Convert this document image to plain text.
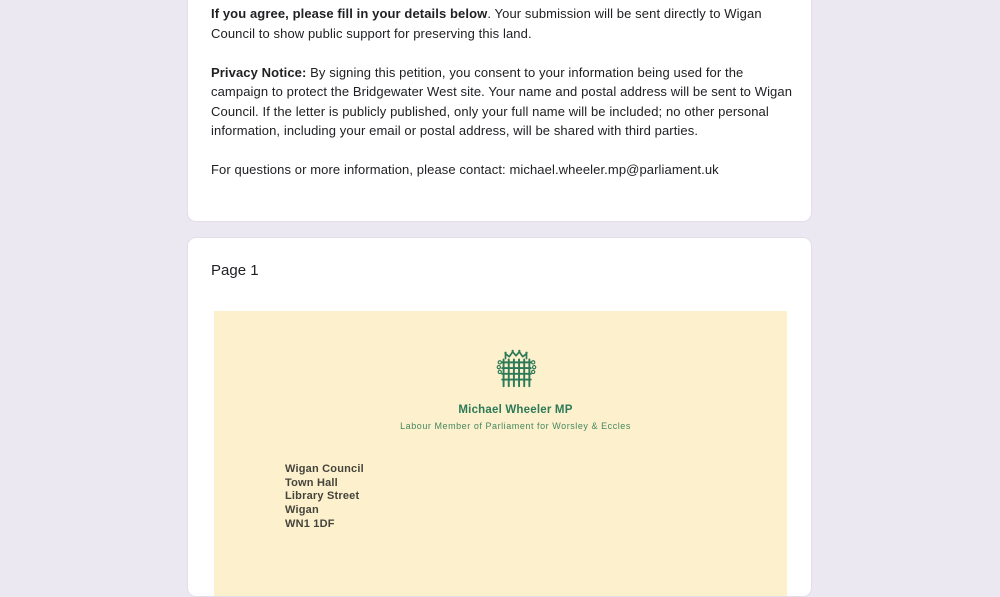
If you agree, please fill in your details below. Your submission will be sent directly to Wigan Council to show public support for preserving this land.

Privacy Notice: By signing this petition, you consent to your information being used for the campaign to protect the Bridgewater West site. Your name and postal address will be sent to Wigan Council. If the letter is publicly published, only your full name will be included; no other personal information, including your email or postal address, will be shared with third parties.

For questions or more information, please contact: michael.wheeler.mp@parliament.uk

Page 1
Michael Wheeler MP
Labour Member of Parliament for Worsley & Eccles
Wigan Council
Town Hall
Library Street
Wigan
WN1 1DF
